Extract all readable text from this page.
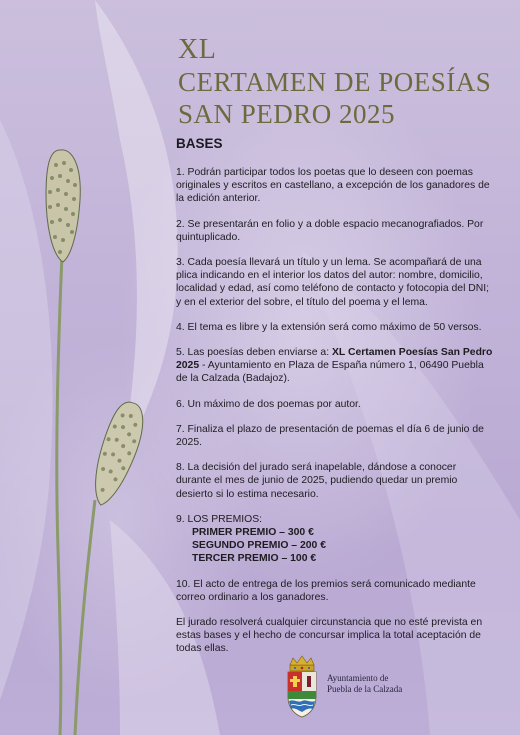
XL
CERTAMEN DE POESÍAS
SAN PEDRO 2025
BASES

1. Podrán participar todos los poetas que lo deseen con poemas originales y escritos en castellano, a excepción de los ganadores de la edición anterior.

2. Se presentarán en folio y a doble espacio mecanografiados. Por quintuplicado.

3. Cada poesía llevará un título y un lema. Se acompañará de una plica indicando en el interior los datos del autor: nombre, domicilio, localidad y edad, así como teléfono de contacto y fotocopia del DNI; y en el exterior del sobre, el título del poema y el lema.

4. El tema es libre y la extensión será como máximo de 50 versos.

5. Las poesías deben enviarse a: XL Certamen Poesías San Pedro 2025 - Ayuntamiento en Plaza de España número 1, 06490 Puebla de la Calzada (Badajoz).

6. Un máximo de dos poemas por autor.

7. Finaliza el plazo de presentación de poemas el día 6 de junio de 2025.

8. La decisión del jurado será inapelable, dándose a conocer durante el mes de junio de 2025, pudiendo quedar un premio desierto si lo estima necesario.

9. LOS PREMIOS:
PRIMER PREMIO – 300 €
SEGUNDO PREMIO – 200 €
TERCER PREMIO – 100 €

10. El acto de entrega de los premios será comunicado mediante correo ordinario a los ganadores.

El jurado resolverá cualquier circunstancia que no esté prevista en estas bases y el hecho de concursar implica la total aceptación de todas ellas.

Ayuntamiento de
Puebla de la Calzada
